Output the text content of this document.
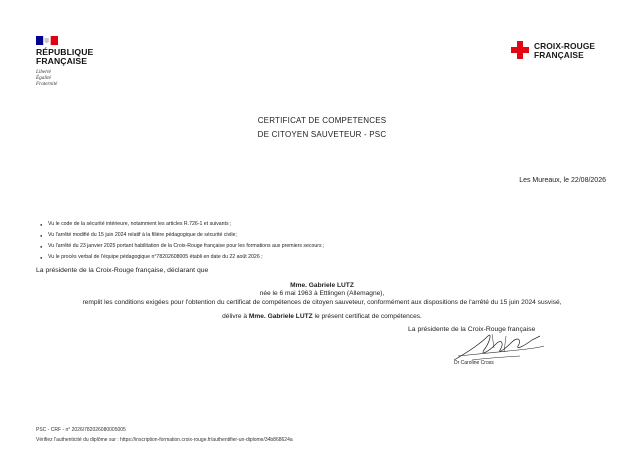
RÉPUBLIQUE
FRANÇAISE
Liberté
Égalité
Fraternité
CROIX-ROUGE
FRANÇAISE
CERTIFICAT DE COMPETENCES
DE CITOYEN SAUVETEUR - PSC
Les Mureaux, le 22/08/2026
● Vu le code de la sécurité intérieure, notamment les articles R.726-1 et suivants ;
● Vu l'arrêté modifié du 15 juin 2024 relatif à la filière pédagogique de sécurité civile;
● Vu l'arrêté du 23 janvier 2025 portant habilitation de la Croix-Rouge française pour les formations aux premiers secours ;
● Vu le procès verbal de l'équipe pédagogique n°78202608005 établi en date du 22 août 2026 ;
La présidente de la Croix-Rouge française, déclarant que
Mme. Gabriele LUTZ
née le 6 mai 1963 à Ettlingen (Allemagne),
remplit les conditions exigées pour l'obtention du certificat de compétences de citoyen sauveteur, conformément aux dispositions de l'arrêté du 15 juin 2024 susvisé,
délivre à Mme. Gabriele LUTZ le présent certificat de compétences.
La présidente de la Croix-Rouge française
Dr Caroline Cross
PSC - CRF - n° 2026/782026080005005
Vérifiez l'authenticité du diplôme sur : https://inscription-formation.croix-rouge.fr/authentifier-un-diplome/34b868624a
